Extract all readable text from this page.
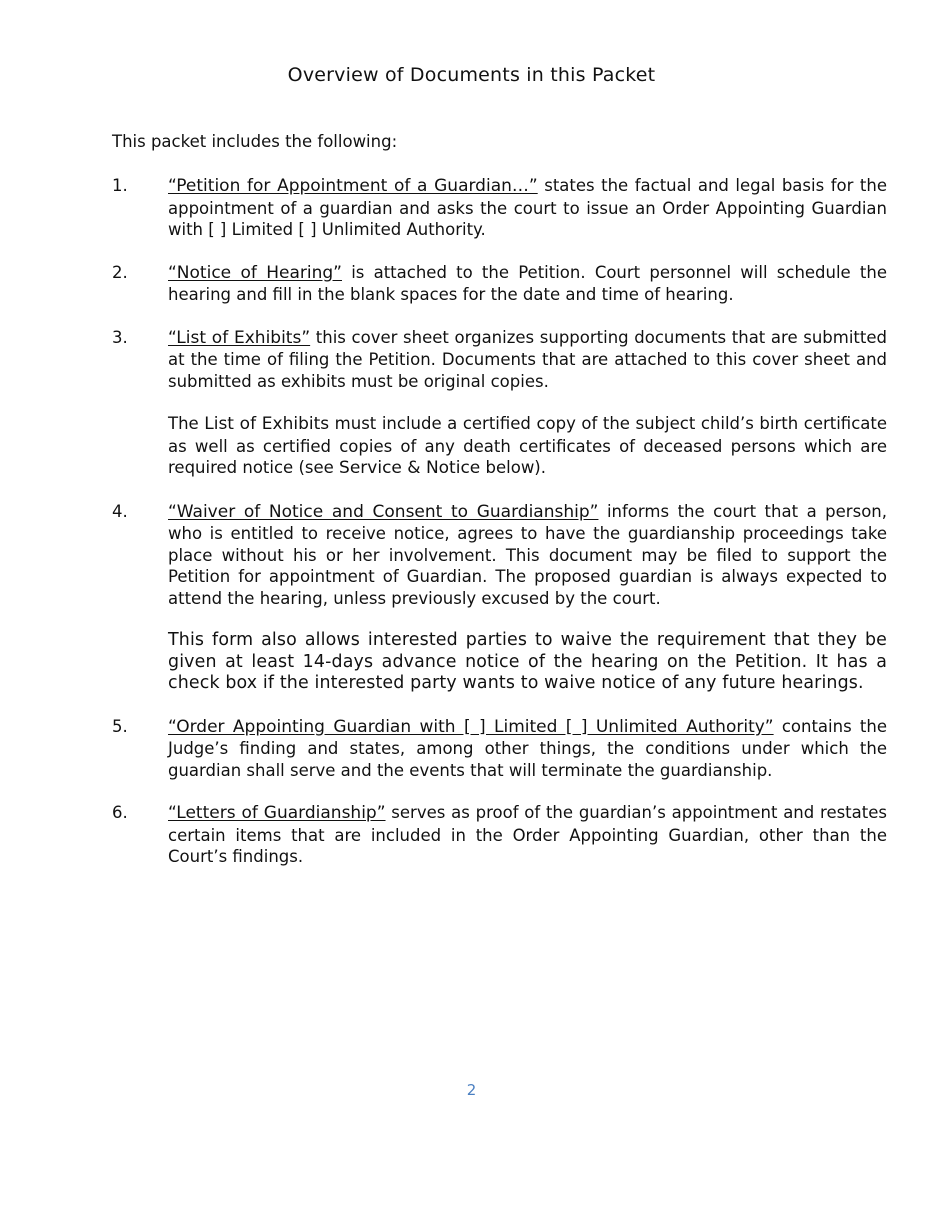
Overview of Documents in this Packet
This packet includes the following:
1. “Petition for Appointment of a Guardian…” states the factual and legal basis for the appointment of a guardian and asks the court to issue an Order Appointing Guardian with [ ] Limited [ ] Unlimited Authority.

2. “Notice of Hearing” is attached to the Petition. Court personnel will schedule the hearing and fill in the blank spaces for the date and time of hearing.

3. “List of Exhibits” this cover sheet organizes supporting documents that are submitted at the time of filing the Petition. Documents that are attached to this cover sheet and submitted as exhibits must be original copies.

The List of Exhibits must include a certified copy of the subject child’s birth certificate as well as certified copies of any death certificates of deceased persons which are required notice (see Service & Notice below).

4. “Waiver of Notice and Consent to Guardianship” informs the court that a person, who is entitled to receive notice, agrees to have the guardianship proceedings take place without his or her involvement. This document may be filed to support the Petition for appointment of Guardian. The proposed guardian is always expected to attend the hearing, unless previously excused by the court.

This form also allows interested parties to waive the requirement that they be given at least 14-days advance notice of the hearing on the Petition. It has a check box if the interested party wants to waive notice of any future hearings.

5. “Order Appointing Guardian with [ ] Limited [ ] Unlimited Authority” contains the Judge’s finding and states, among other things, the conditions under which the guardian shall serve and the events that will terminate the guardianship.

6. “Letters of Guardianship” serves as proof of the guardian’s appointment and restates certain items that are included in the Order Appointing Guardian, other than the Court’s findings.

2
